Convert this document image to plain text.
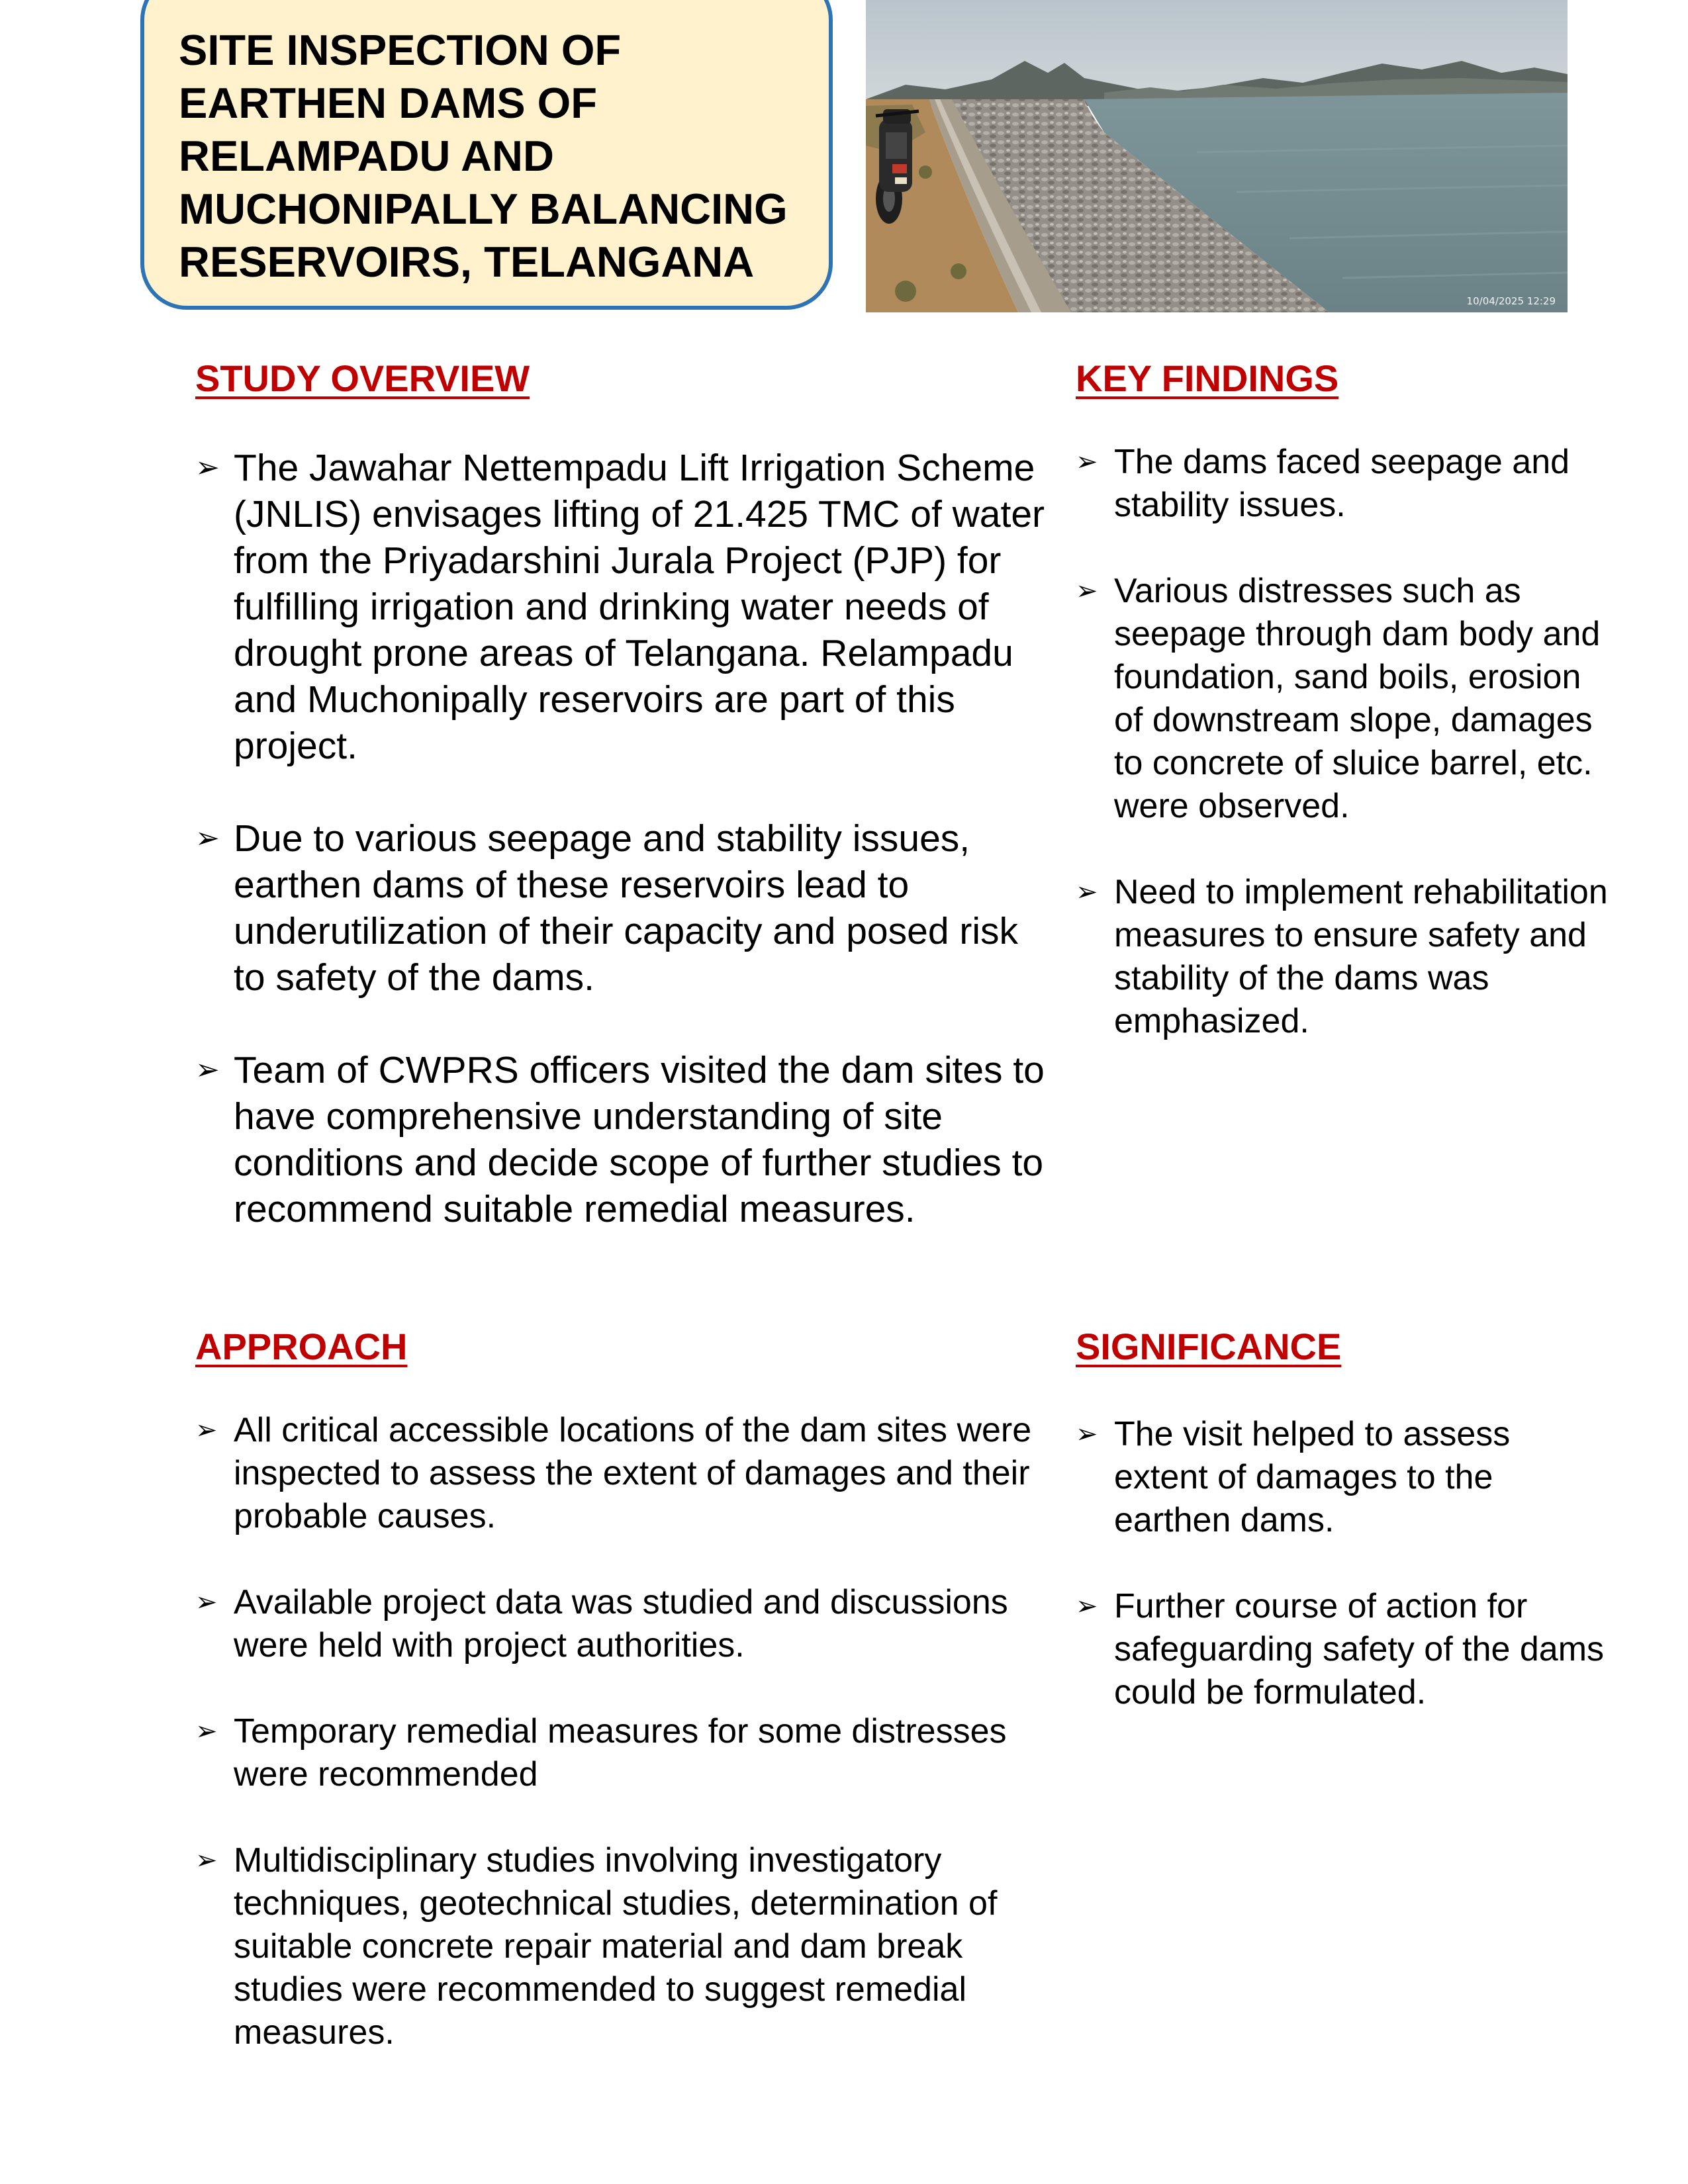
SITE INSPECTION OF
EARTHEN DAMS OF
RELAMPADU AND
MUCHONIPALLY BALANCING
RESERVOIRS, TELANGANA
10/04/2025 12:29
STUDY OVERVIEW
➢ The Jawahar Nettempadu Lift Irrigation Scheme (JNLIS) envisages lifting of 21.425 TMC of water from the Priyadarshini Jurala Project (PJP) for fulfilling irrigation and drinking water needs of drought prone areas of Telangana. Relampadu and Muchonipally reservoirs are part of this project.
➢ Due to various seepage and stability issues, earthen dams of these reservoirs lead to underutilization of their capacity and posed risk to safety of the dams.
➢ Team of CWPRS officers visited the dam sites to have comprehensive understanding of site conditions and decide scope of further studies to recommend suitable remedial measures.
KEY FINDINGS
➢ The dams faced seepage and stability issues.
➢ Various distresses such as seepage through dam body and foundation, sand boils, erosion of downstream slope, damages to concrete of sluice barrel, etc. were observed.
➢ Need to implement rehabilitation measures to ensure safety and stability of the dams was emphasized.
APPROACH
➢ All critical accessible locations of the dam sites were inspected to assess the extent of damages and their probable causes.
➢ Available project data was studied and discussions were held with project authorities.
➢ Temporary remedial measures for some distresses were recommended
➢ Multidisciplinary studies involving investigatory techniques, geotechnical studies, determination of suitable concrete repair material and dam break studies were recommended to suggest remedial measures.
SIGNIFICANCE
➢ The visit helped to assess extent of damages to the earthen dams.
➢ Further course of action for safeguarding safety of the dams could be formulated.
